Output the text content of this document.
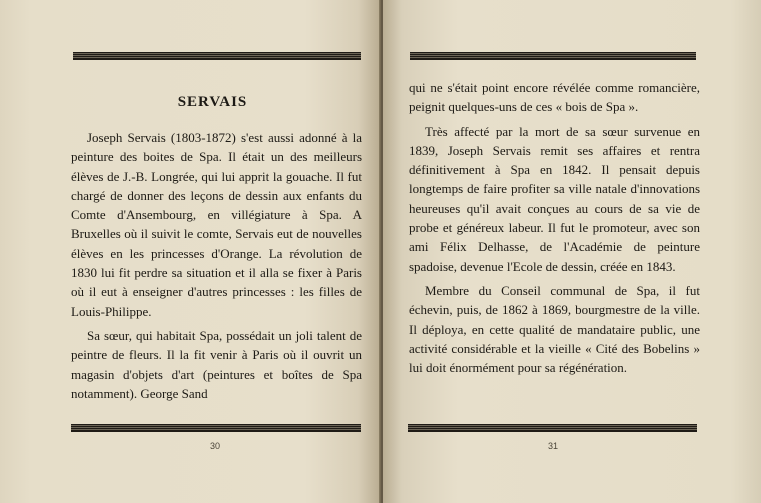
SERVAIS

Joseph Servais (1803-1872) s'est aussi adonné à la peinture des boites de Spa. Il était un des meilleurs élèves de J.-B. Longrée, qui lui apprit la gouache. Il fut chargé de donner des leçons de dessin aux enfants du Comte d'Ansembourg, en villégiature à Spa. A Bruxelles où il suivit le comte, Servais eut de nouvelles élèves en les princesses d'Orange. La révolution de 1830 lui fit perdre sa situation et il alla se fixer à Paris où il eut à enseigner d'autres princesses : les filles de Louis-Philippe.

Sa sœur, qui habitait Spa, possédait un joli talent de peintre de fleurs. Il la fit venir à Paris où il ouvrit un magasin d'objets d'art (peintures et boîtes de Spa notamment). George Sand

30

qui ne s'était point encore révélée comme romancière, peignit quelques-uns de ces « bois de Spa ».

Très affecté par la mort de sa sœur survenue en 1839, Joseph Servais remit ses affaires et rentra définitivement à Spa en 1842. Il pensait depuis longtemps de faire profiter sa ville natale d'innovations heureuses qu'il avait conçues au cours de sa vie de probe et généreux labeur. Il fut le promoteur, avec son ami Félix Delhasse, de l'Académie de peinture spadoise, devenue l'Ecole de dessin, créée en 1843.

Membre du Conseil communal de Spa, il fut échevin, puis, de 1862 à 1869, bourgmestre de la ville. Il déploya, en cette qualité de mandataire public, une activité considérable et la vieille « Cité des Bobelins » lui doit énormément pour sa régénération.

31
